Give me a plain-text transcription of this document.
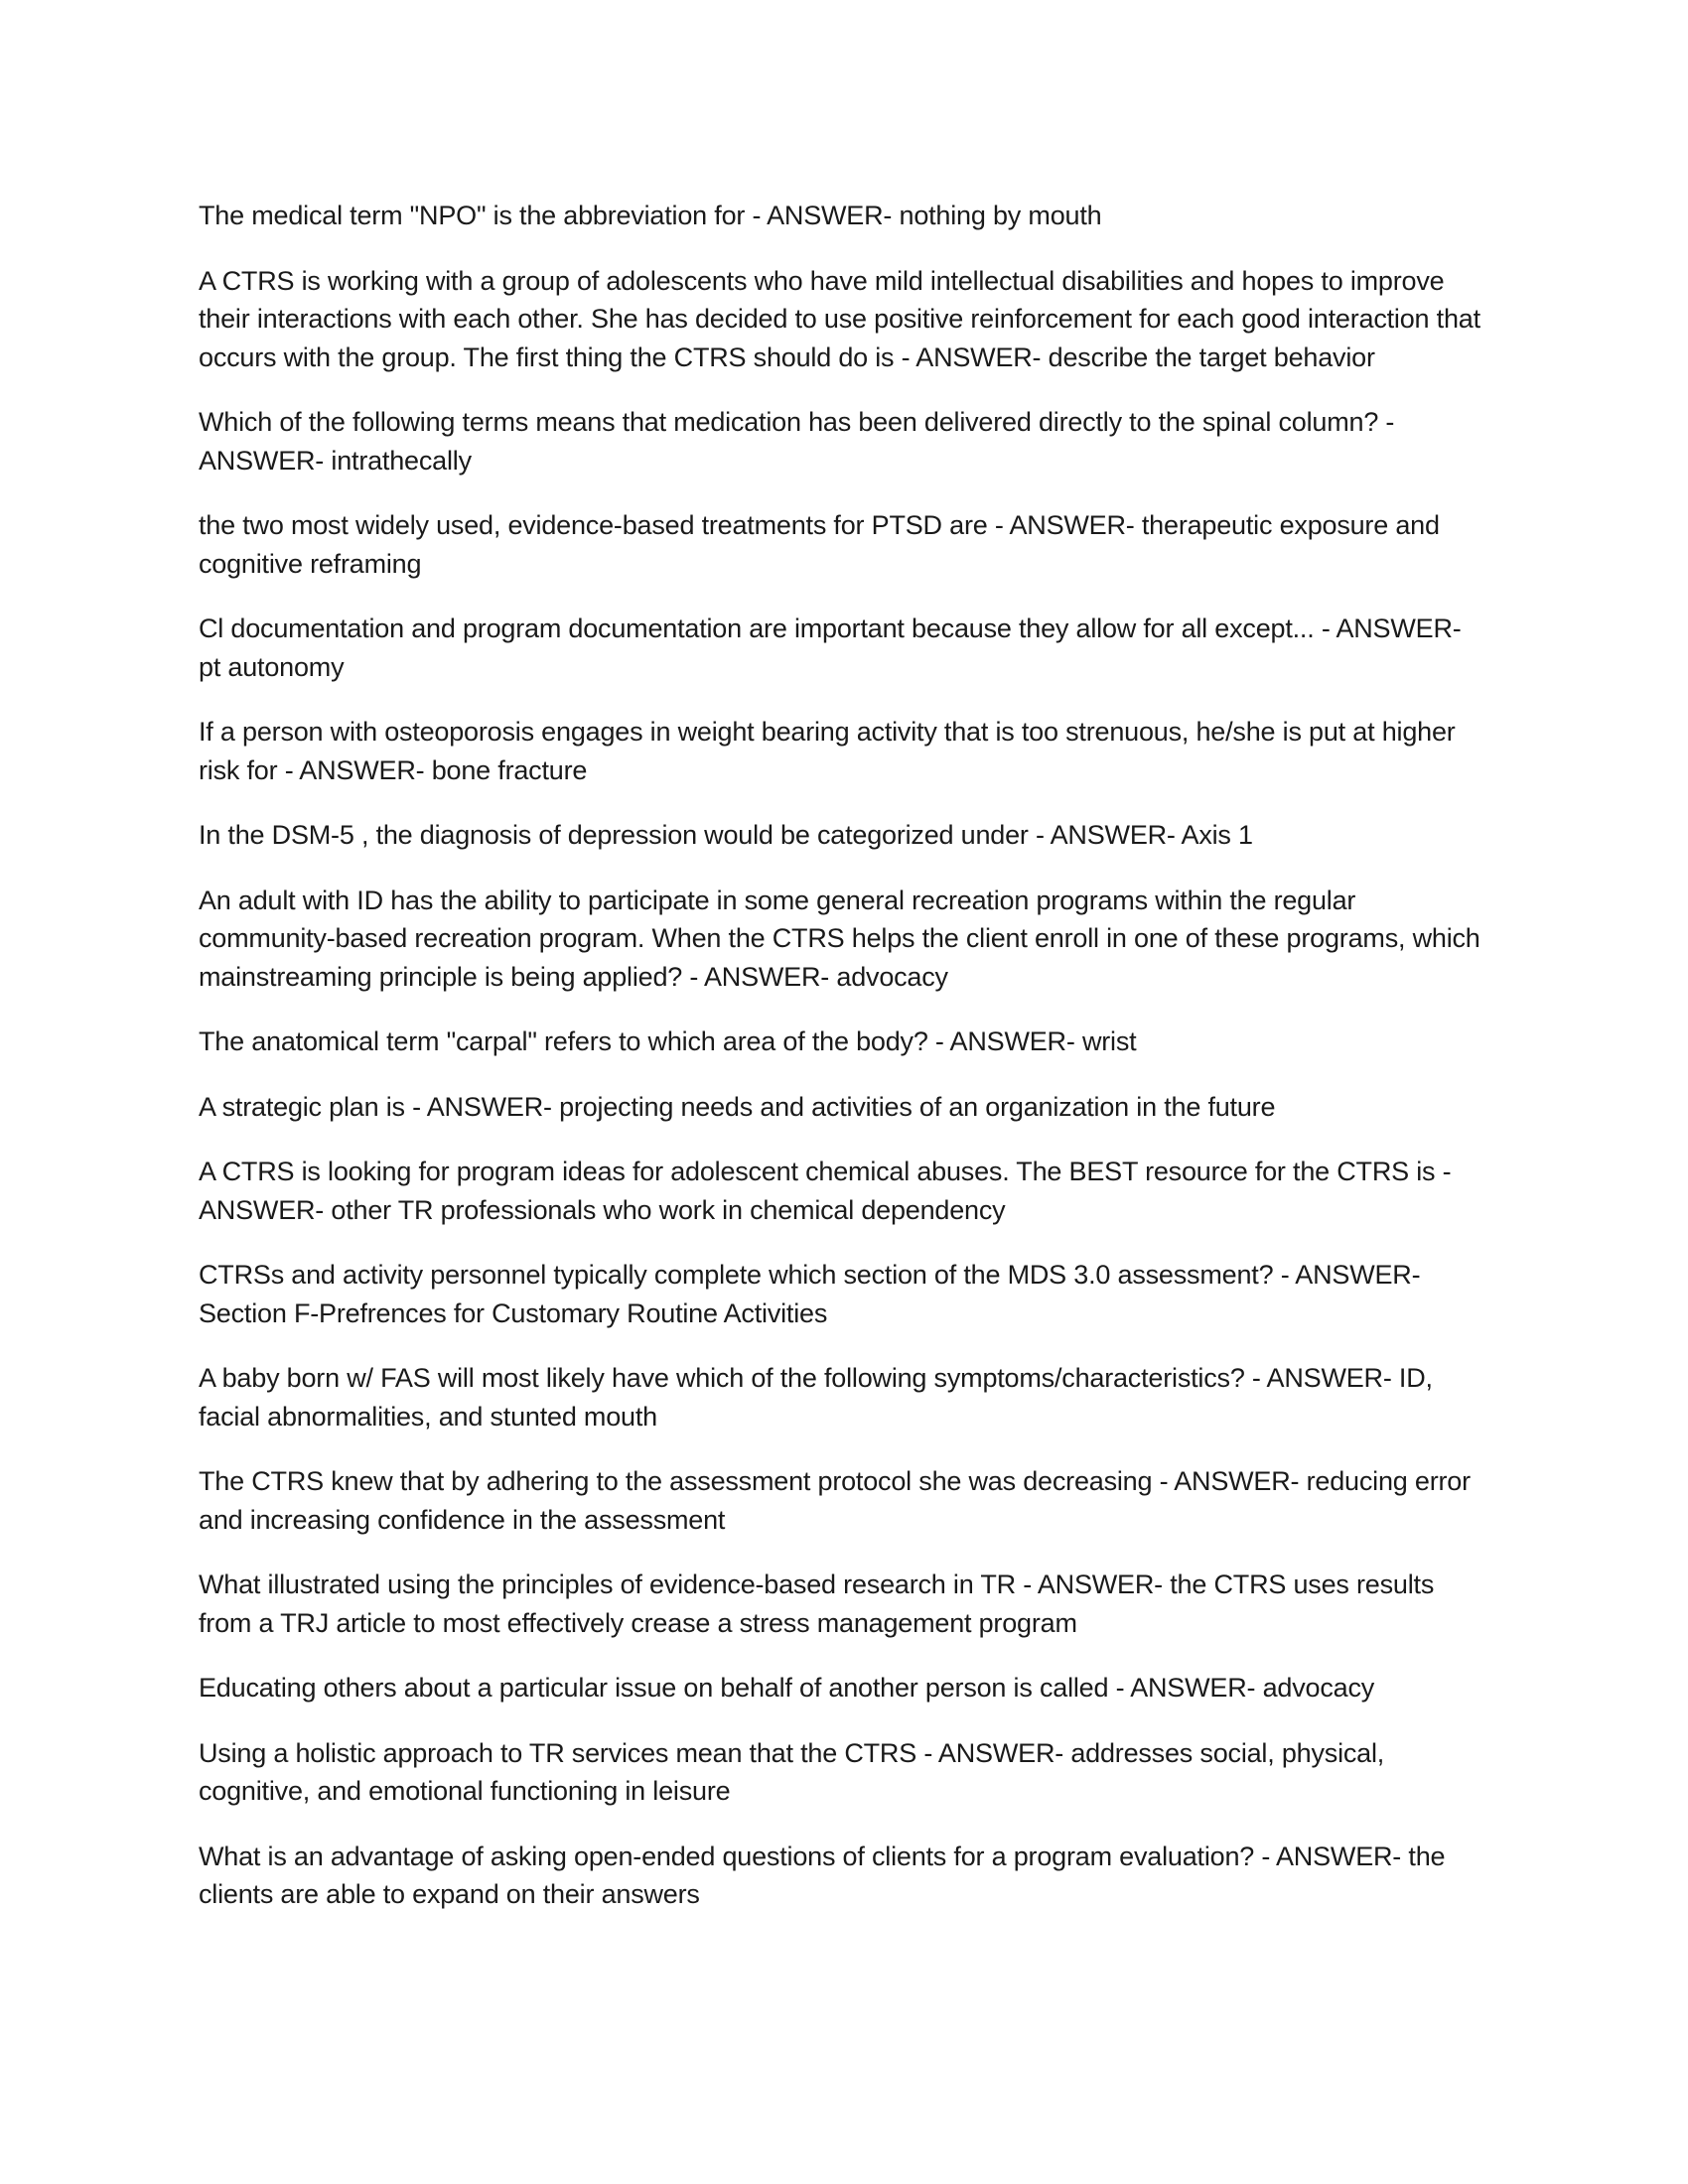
The medical term "NPO" is the abbreviation for - ANSWER- nothing by mouth

A CTRS is working with a group of adolescents who have mild intellectual disabilities and hopes to improve their interactions with each other. She has decided to use positive reinforcement for each good interaction that occurs with the group. The first thing the CTRS should do is - ANSWER- describe the target behavior

Which of the following terms means that medication has been delivered directly to the spinal column? - ANSWER- intrathecally

the two most widely used, evidence-based treatments for PTSD are - ANSWER- therapeutic exposure and cognitive reframing

Cl documentation and program documentation are important because they allow for all except... - ANSWER- pt autonomy

If a person with osteoporosis engages in weight bearing activity that is too strenuous, he/she is put at higher risk for - ANSWER- bone fracture

In the DSM-5 , the diagnosis of depression would be categorized under - ANSWER- Axis 1

An adult with ID has the ability to participate in some general recreation programs within the regular community-based recreation program. When the CTRS helps the client enroll in one of these programs, which mainstreaming principle is being applied? - ANSWER- advocacy

The anatomical term "carpal" refers to which area of the body? - ANSWER- wrist

A strategic plan is - ANSWER- projecting needs and activities of an organization in the future

A CTRS is looking for program ideas for adolescent chemical abuses. The BEST resource for the CTRS is - ANSWER- other TR professionals who work in chemical dependency

CTRSs and activity personnel typically complete which section of the MDS 3.0 assessment? - ANSWER- Section F-Prefrences for Customary Routine Activities

A baby born w/ FAS will most likely have which of the following symptoms/characteristics? - ANSWER- ID, facial abnormalities, and stunted mouth

The CTRS knew that by adhering to the assessment protocol she was decreasing - ANSWER- reducing error and increasing confidence in the assessment

What illustrated using the principles of evidence-based research in TR - ANSWER- the CTRS uses results from a TRJ article to most effectively crease a stress management program

Educating others about a particular issue on behalf of another person is called - ANSWER- advocacy

Using a holistic approach to TR services mean that the CTRS - ANSWER- addresses social, physical, cognitive, and emotional functioning in leisure

What is an advantage of asking open-ended questions of clients for a program evaluation? - ANSWER- the clients are able to expand on their answers
